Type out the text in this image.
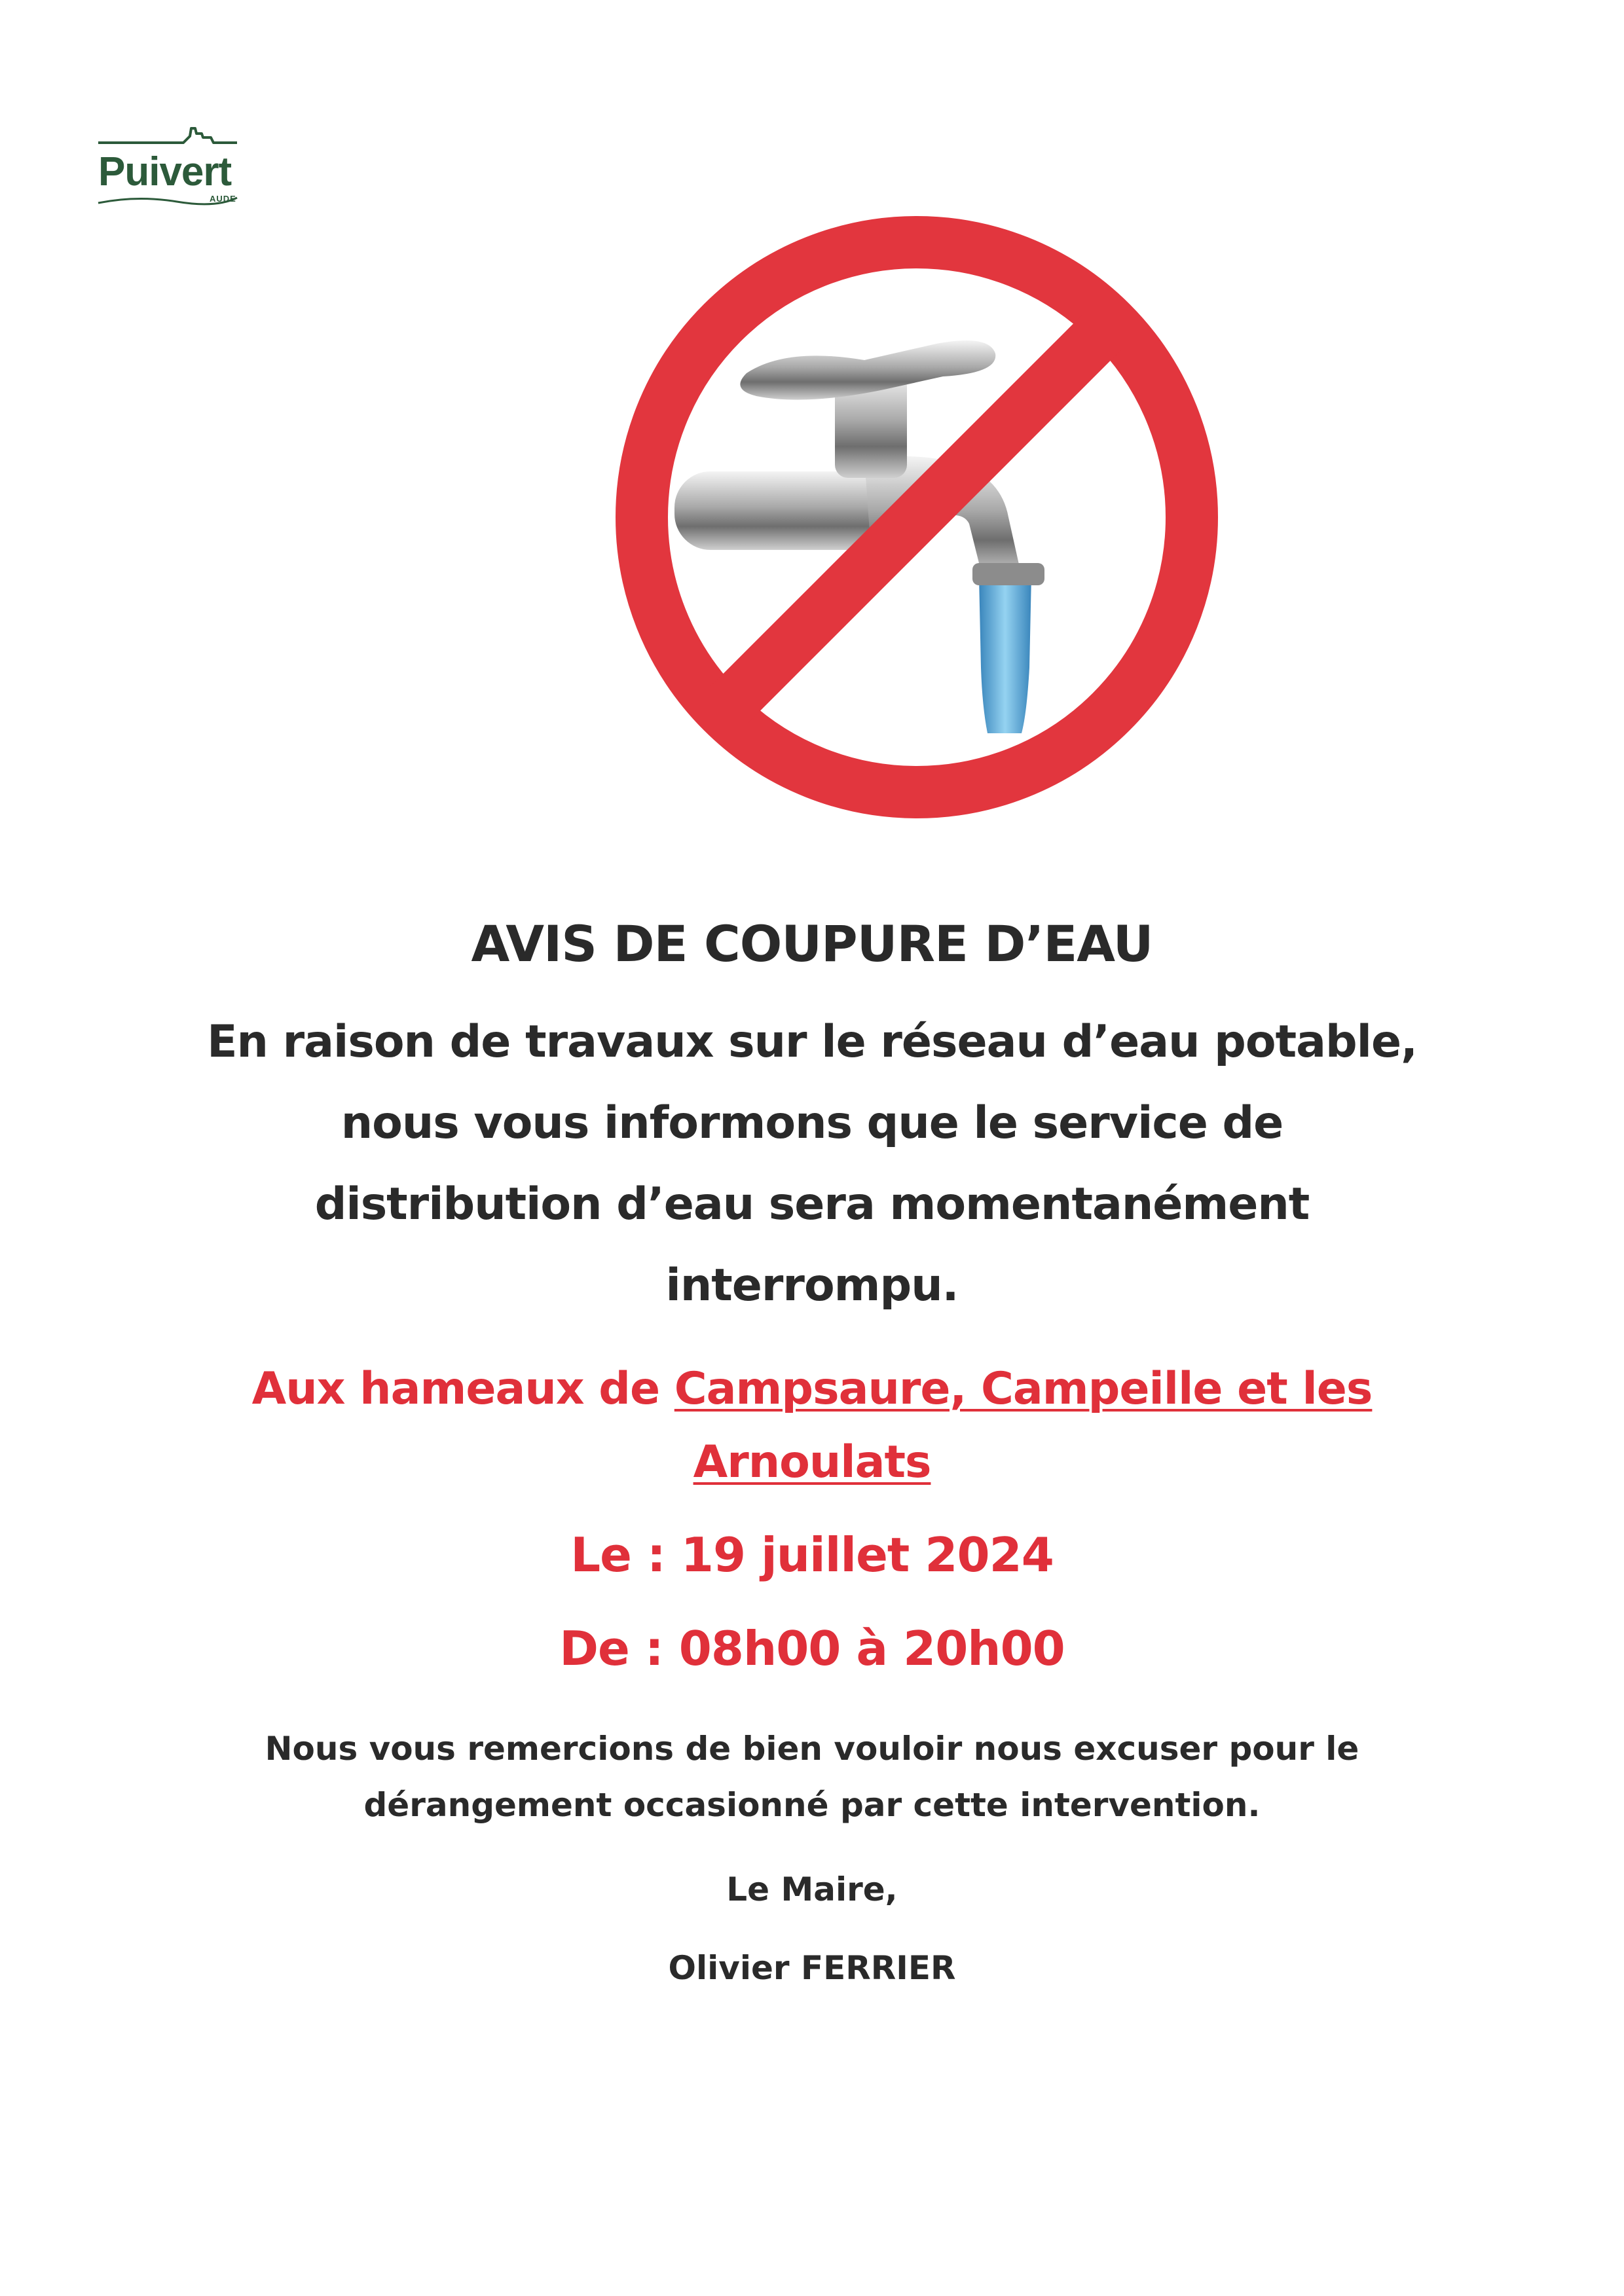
Puivert
AUDE
AVIS DE COUPURE D’EAU
En raison de travaux sur le réseau d’eau potable,
nous vous informons que le service de
distribution d’eau sera momentanément
interrompu.
Aux hameaux de Campsaure, Campeille et les
Arnoulats
Le : 19 juillet 2024
De : 08h00 à 20h00
Nous vous remercions de bien vouloir nous excuser pour le
dérangement occasionné par cette intervention.
Le Maire,
Olivier FERRIER
